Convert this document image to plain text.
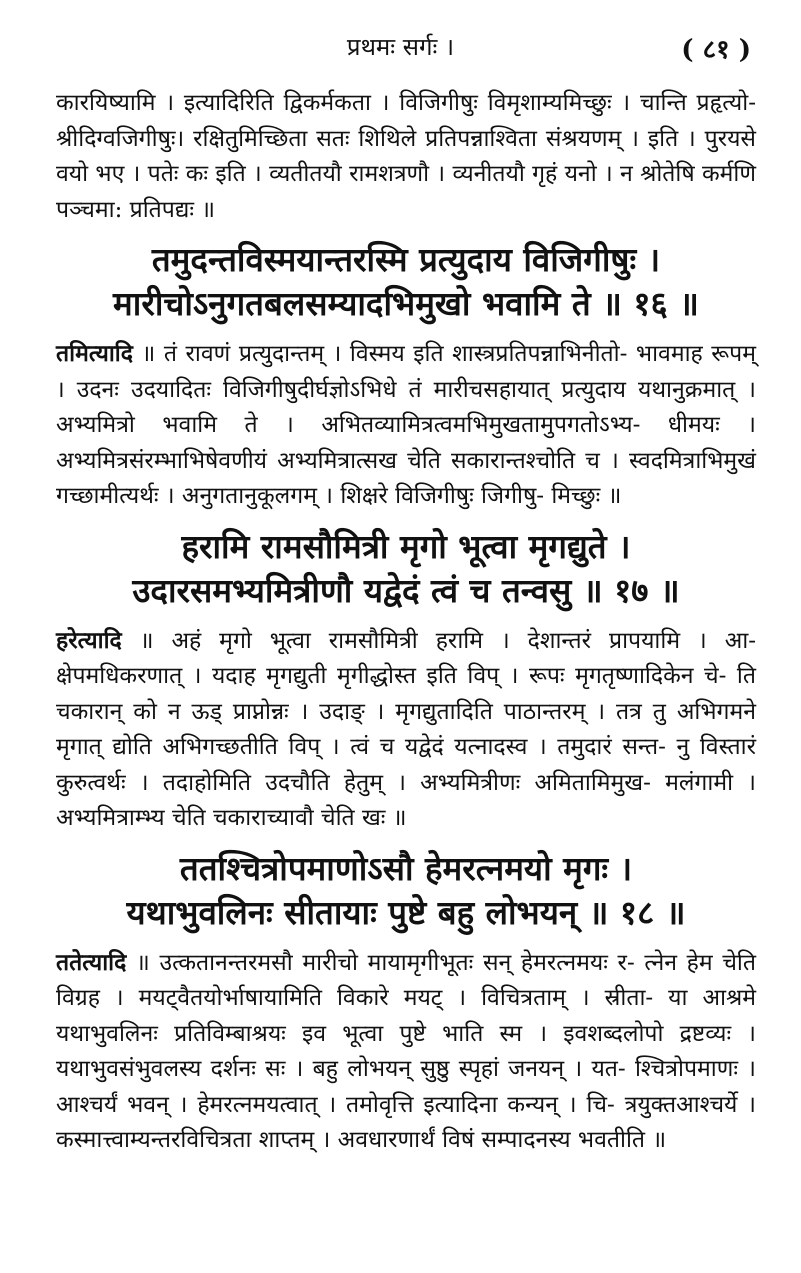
प्रथमः सर्गः ।	( ८१ )

कारयिष्यामि । इत्यादिरिति द्विकर्मकता । विजिगीषुः विमृशाम्यमिच्छुः । चान्ति प्रहृत्यो- श्रीदिग्वजिगीषुः। रक्षितुमिच्छिता सतः शिथिले प्रतिपन्नाश्विता संश्रयणम् । इति । पुरयसे वयो भए । पतेः कः इति । व्यतीतयौ रामशत्रणौ । व्यनीतयौ गृहं यनो । न श्रोतेषि कर्मणि पञ्चमा: प्रतिपद्यः ॥

तमुदन्तविस्मयान्तरस्मि प्रत्युदाय विजिगीषुः ।
मारीचोऽनुगतबलसम्यादभिमुखो भवामि ते ॥ १६ ॥

तमित्यादि ॥ तं रावणं प्रत्युदान्तम् । विस्मय इति शास्त्रप्रतिपन्नाभिनीतो- भावमाह रूपम् । उदनः उदयादितः विजिगीषुदीर्घज्ञोऽभिधे तं मारीचसहायात् प्रत्युदाय यथानुक्रमात् । अभ्यमित्रो भवामि ते । अभितव्यामित्रत्वमभिमुखतामुपगतोऽभ्य- धीमयः । अभ्यमित्रसंरम्भाभिषेवणीयं अभ्यमित्रात्सख चेति सकारान्तश्चोति च । स्वदमित्राभिमुखं गच्छामीत्यर्थः । अनुगतानुकूलगम् । शिक्षरे विजिगीषुः जिगीषु- मिच्छुः ॥

हरामि रामसौमित्री मृगो भूत्वा मृगद्युते ।
उदारसमभ्यमित्रीणौ यद्वेदं त्वं च तन्वसु ॥ १७ ॥

हरेत्यादि ॥ अहं मृगो भूत्वा रामसौमित्री हरामि । देशान्तरं प्रापयामि । आ- क्षेपमधिकरणात् । यदाह मृगद्युती मृगीद्धोस्त इति विप् । रूपः मृगतृष्णादिकेन चे- ति चकारान् को न ऊड् प्राप्नोन्नः । उदाङ् । मृगद्युतादिति पाठान्तरम् । तत्र तु अभिगमने मृगात् द्योति अभिगच्छतीति विप् । त्वं च यद्वेदं यत्नादस्व । तमुदारं सन्त- नु विस्तारं कुरुत्वर्थः । तदाहोमिति उदचौति हेतुम् । अभ्यमित्रीणः अमितामिमुख- मलंगामी । अभ्यमित्राम्भ्य चेति चकाराच्यावौ चेति खः ॥

ततश्चित्रोपमाणोऽसौ हेमरत्नमयो मृगः ।
यथाभुवलिनः सीतायाः पुष्टे बहु लोभयन् ॥ १८ ॥

ततेत्यादि ॥ उत्कतानन्तरमसौ मारीचो मायामृगीभूतः सन् हेमरत्नमयः र- त्नेन हेम चेति विग्रह । मयट्वैतयोर्भाषायामिति विकारे मयट् । विचित्रताम् । स्रीता- या आश्रमे यथाभुवलिनः प्रतिविम्बाश्रयः इव भूत्वा पुष्टे भाति स्म । इवशब्दलोपो द्रष्टव्यः । यथाभुवसंभुवलस्य दर्शनः सः । बहु लोभयन् सुष्ठु स्पृहां जनयन् । यत- श्चित्रोपमाणः । आश्चर्यं भवन् । हेमरत्नमयत्वात् । तमोवृत्ति इत्यादिना कन्यन् । चि- त्रयुक्तआश्चर्ये । कस्मात्त्वाम्यन्तरविचित्रता शाप्तम् । अवधारणार्थं विषं सम्पादनस्य भवतीति ॥
